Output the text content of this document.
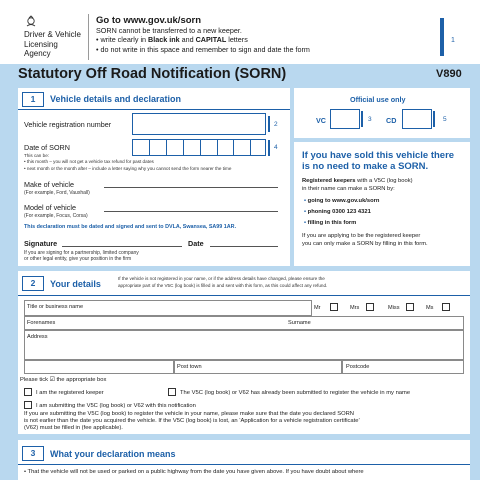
Driver & Vehicle
Licensing
Agency
Go to www.gov.uk/sorn
SORN cannot be transferred to a new keeper.
• write clearly in Black ink and CAPITAL letters
• do not write in this space and remember to sign and date the form
1
Statutory Off Road Notification (SORN)	V890
1	Vehicle details and declaration
Vehicle registration number	2
Date of SORN	4
This can be:
• this month – you will not get a vehicle tax refund for past dates
• next month or the month after – include a letter saying why you cannot send the form nearer the time
Make of vehicle
(For example, Ford, Vauxhall)
Model of vehicle
(For example, Focus, Corsa)
This declaration must be dated and signed and sent to DVLA, Swansea, SA99 1AR.
Signature	Date
If you are signing for a partnership, limited company
or other legal entity, give your position in the firm
Official use only
VC	3 CD	5
If you have sold this vehicle there
is no need to make a SORN.
Registered keepers with a V5C (log book)
in their name can make a SORN by:
• going to www.gov.uk/sorn
• phoning 0300 123 4321
• filling in this form
If you are applying to be the registered keeper
you can only make a SORN by filling in this form.
2	Your details
If the vehicle is not registered in your name, or if the address details have changed, please ensure the
appropriate part of the V5C (log book) is filled in and sent with this form, as this could affect any refund.
Title or business name	Mr	Mrs	Miss	Ms
Forenames	Surname
Address
Post town	Postcode
Please tick ☑ the appropriate box
I am the registered keeper	The V5C (log book) or V62 has already been submitted to register the vehicle in my name
I am submitting the V5C (log book) or V62 with this notification
If you are submitting the V5C (log book) to register the vehicle in your name, please make sure that the date you declared SORN
is not earlier than the date you acquired the vehicle. If the V5C (log book) is lost, an ‘Application for a vehicle registration certificate’
(V62) must be filled in (fee applicable).
3	What your declaration means
• That the vehicle will not be used or parked on a public highway from the date you have given above. If you have doubt about where
